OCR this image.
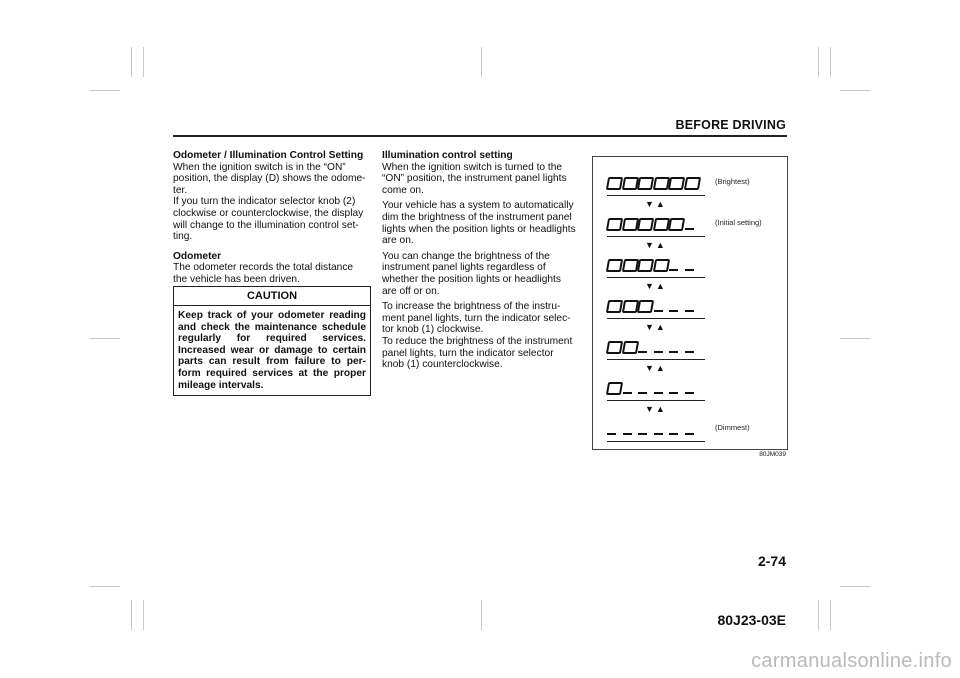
BEFORE DRIVING

Odometer / Illumination Control Setting

When the ignition switch is in the “ON” position, the display (D) shows the odome- ter.

If you turn the indicator selector knob (2) clockwise or counterclockwise, the display will change to the illumination control set- ting.

Odometer

The odometer records the total distance the vehicle has been driven.

CAUTION
Keep track of your odometer reading and check the maintenance schedule regularly for required services. Increased wear or damage to certain parts can result from failure to per- form required services at the proper mileage intervals.

Illumination control setting

When the ignition switch is turned to the “ON” position, the instrument panel lights come on.

Your vehicle has a system to automatically dim the brightness of the instrument panel lights when the position lights or headlights are on.

You can change the brightness of the instrument panel lights regardless of whether the position lights or headlights are off or on.

To increase the brightness of the instru- ment panel lights, turn the indicator selec- tor knob (1) clockwise.

To reduce the brightness of the instrument panel lights, turn the indicator selector knob (1) counterclockwise.

(Brightest)
▼▲
(Initial setting)
▼▲
▼▲
▼▲
▼▲
▼▲
(Dimmest)
80JM039
2-74
80J23-03E
carmanualsonline.info
